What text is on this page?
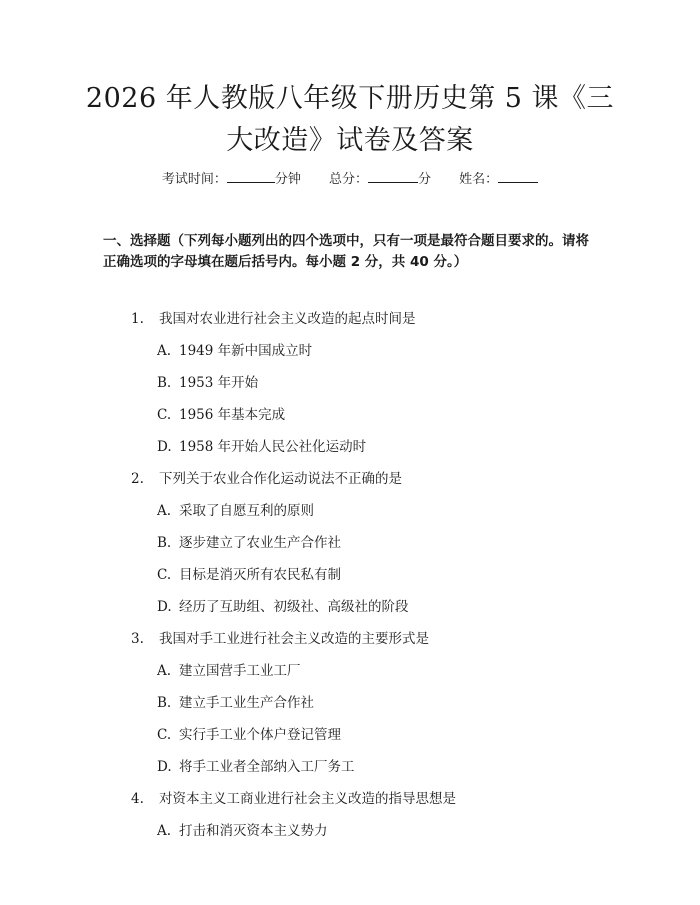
2026 年人教版八年级下册历史第 5 课《三大改造》试卷及答案
考试时间：	分钟 总分：	分 姓名：

一、选择题（下列每小题列出的四个选项中，只有一项是最符合题目要求的。请将正确选项的字母填在题后括号内。每小题 2 分，共 40 分。）

1. 我国对农业进行社会主义改造的起点时间是
A. 1949 年新中国成立时
B. 1953 年开始
C. 1956 年基本完成
D. 1958 年开始人民公社化运动时
2. 下列关于农业合作化运动说法不正确的是
A. 采取了自愿互利的原则
B. 逐步建立了农业生产合作社
C. 目标是消灭所有农民私有制
D. 经历了互助组、初级社、高级社的阶段
3. 我国对手工业进行社会主义改造的主要形式是
A. 建立国营手工业工厂
B. 建立手工业生产合作社
C. 实行手工业个体户登记管理
D. 将手工业者全部纳入工厂务工
4. 对资本主义工商业进行社会主义改造的指导思想是
A. 打击和消灭资本主义势力
